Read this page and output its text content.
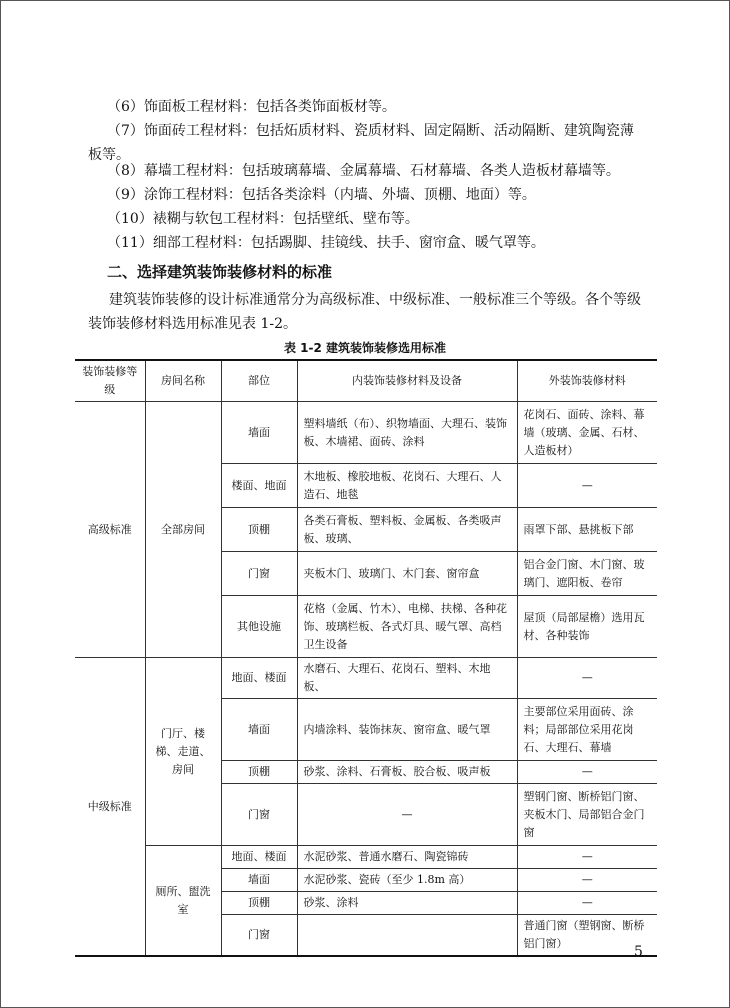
（6）饰面板工程材料：包括各类饰面板材等。
（7）饰面砖工程材料：包括炻质材料、瓷质材料、固定隔断、活动隔断、建筑陶瓷薄
板等。
（8）幕墙工程材料：包括玻璃幕墙、金属幕墙、石材幕墙、各类人造板材幕墙等。
（9）涂饰工程材料：包括各类涂料（内墙、外墙、顶棚、地面）等。
（10）裱糊与软包工程材料：包括壁纸、壁布等。
（11）细部工程材料：包括踢脚、挂镜线、扶手、窗帘盒、暖气罩等。
二、选择建筑装饰装修材料的标准
建筑装饰装修的设计标准通常分为高级标准、中级标准、一般标准三个等级。各个等级装饰装修材料选用标准见表 1-2。
表 1-2 建筑装饰装修选用标准
装饰装修等级	房间名称	部位	内装饰装修材料及设备	外装饰装修材料
高级标准	全部房间	墙面	塑料墙纸（布）、织物墙面、大理石、装饰板、木墙裙、面砖、涂料	花岗石、面砖、涂料、幕墙（玻璃、金属、石材、人造板材）
		楼面、地面	木地板、橡胶地板、花岗石、大理石、人造石、地毯	—
		顶棚	各类石膏板、塑料板、金属板、各类吸声板、玻璃、	雨罩下部、悬挑板下部
		门窗	夹板木门、玻璃门、木门套、窗帘盒	铝合金门窗、木门窗、玻璃门、遮阳板、卷帘
		其他设施	花格（金属、竹木）、电梯、扶梯、各种花饰、玻璃栏板、各式灯具、暖气罩、高档卫生设备	屋顶（局部屋檐）选用瓦材、各种装饰
中级标准	门厅、楼梯、走道、房间	地面、楼面	水磨石、大理石、花岗石、塑料、木地板、	—
		墙面	内墙涂料、装饰抹灰、窗帘盒、暖气罩	主要部位采用面砖、涂料；局部部位采用花岗石、大理石、幕墙
		顶棚	砂浆、涂料、石膏板、胶合板、吸声板	—
		门窗	—	塑钢门窗、断桥铝门窗、夹板木门、局部铝合金门窗
	厕所、盥洗室	地面、楼面	水泥砂浆、普通水磨石、陶瓷锦砖	—
		墙面	水泥砂浆、瓷砖（至少 1.8m 高）	—
		顶棚	砂浆、涂料	—
		门窗		普通门窗（塑钢窗、断桥铝门窗）
5
